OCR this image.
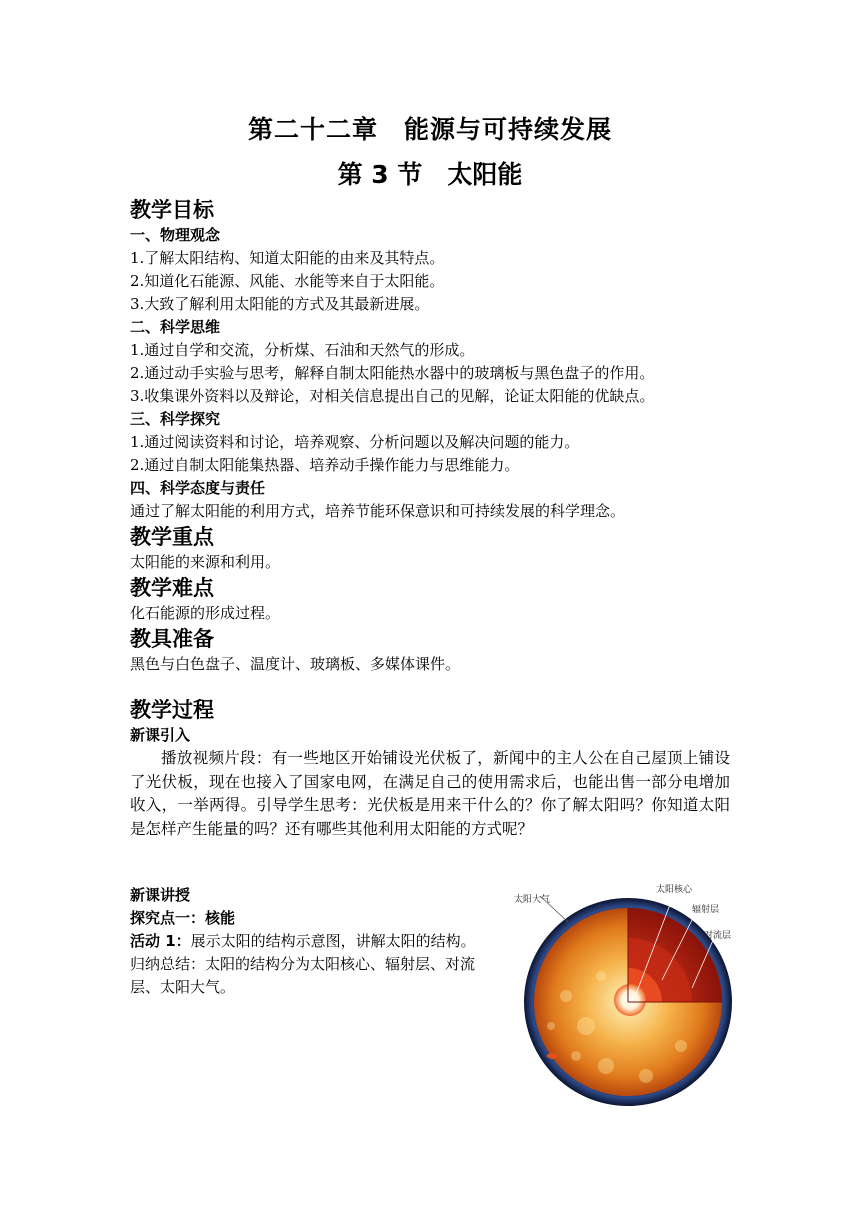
第二十二章　能源与可持续发展
第 3 节　太阳能
教学目标
一、物理观念
1.了解太阳结构、知道太阳能的由来及其特点。
2.知道化石能源、风能、水能等来自于太阳能。
3.大致了解利用太阳能的方式及其最新进展。
二、科学思维
1.通过自学和交流，分析煤、石油和天然气的形成。
2.通过动手实验与思考，解释自制太阳能热水器中的玻璃板与黑色盘子的作用。
3.收集课外资料以及辩论，对相关信息提出自己的见解，论证太阳能的优缺点。
三、科学探究
1.通过阅读资料和讨论，培养观察、分析问题以及解决问题的能力。
2.通过自制太阳能集热器、培养动手操作能力与思维能力。
四、科学态度与责任
通过了解太阳能的利用方式，培养节能环保意识和可持续发展的科学理念。
教学重点
太阳能的来源和利用。
教学难点
化石能源的形成过程。
教具准备
黑色与白色盘子、温度计、玻璃板、多媒体课件。
教学过程
新课引入

播放视频片段：有一些地区开始铺设光伏板了，新闻中的主人公在自己屋顶上铺设了光伏板，现在也接入了国家电网，在满足自己的使用需求后，也能出售一部分电增加收入，一举两得。引导学生思考：光伏板是用来干什么的？你了解太阳吗？你知道太阳是怎样产生能量的吗？还有哪些其他利用太阳能的方式呢？

新课讲授
探究点一：核能
活动 1：展示太阳的结构示意图，讲解太阳的结构。
归纳总结：太阳的结构分为太阳核心、辐射层、对流层、太阳大气。
太阳大气
太阳核心
辐射层
对流层
